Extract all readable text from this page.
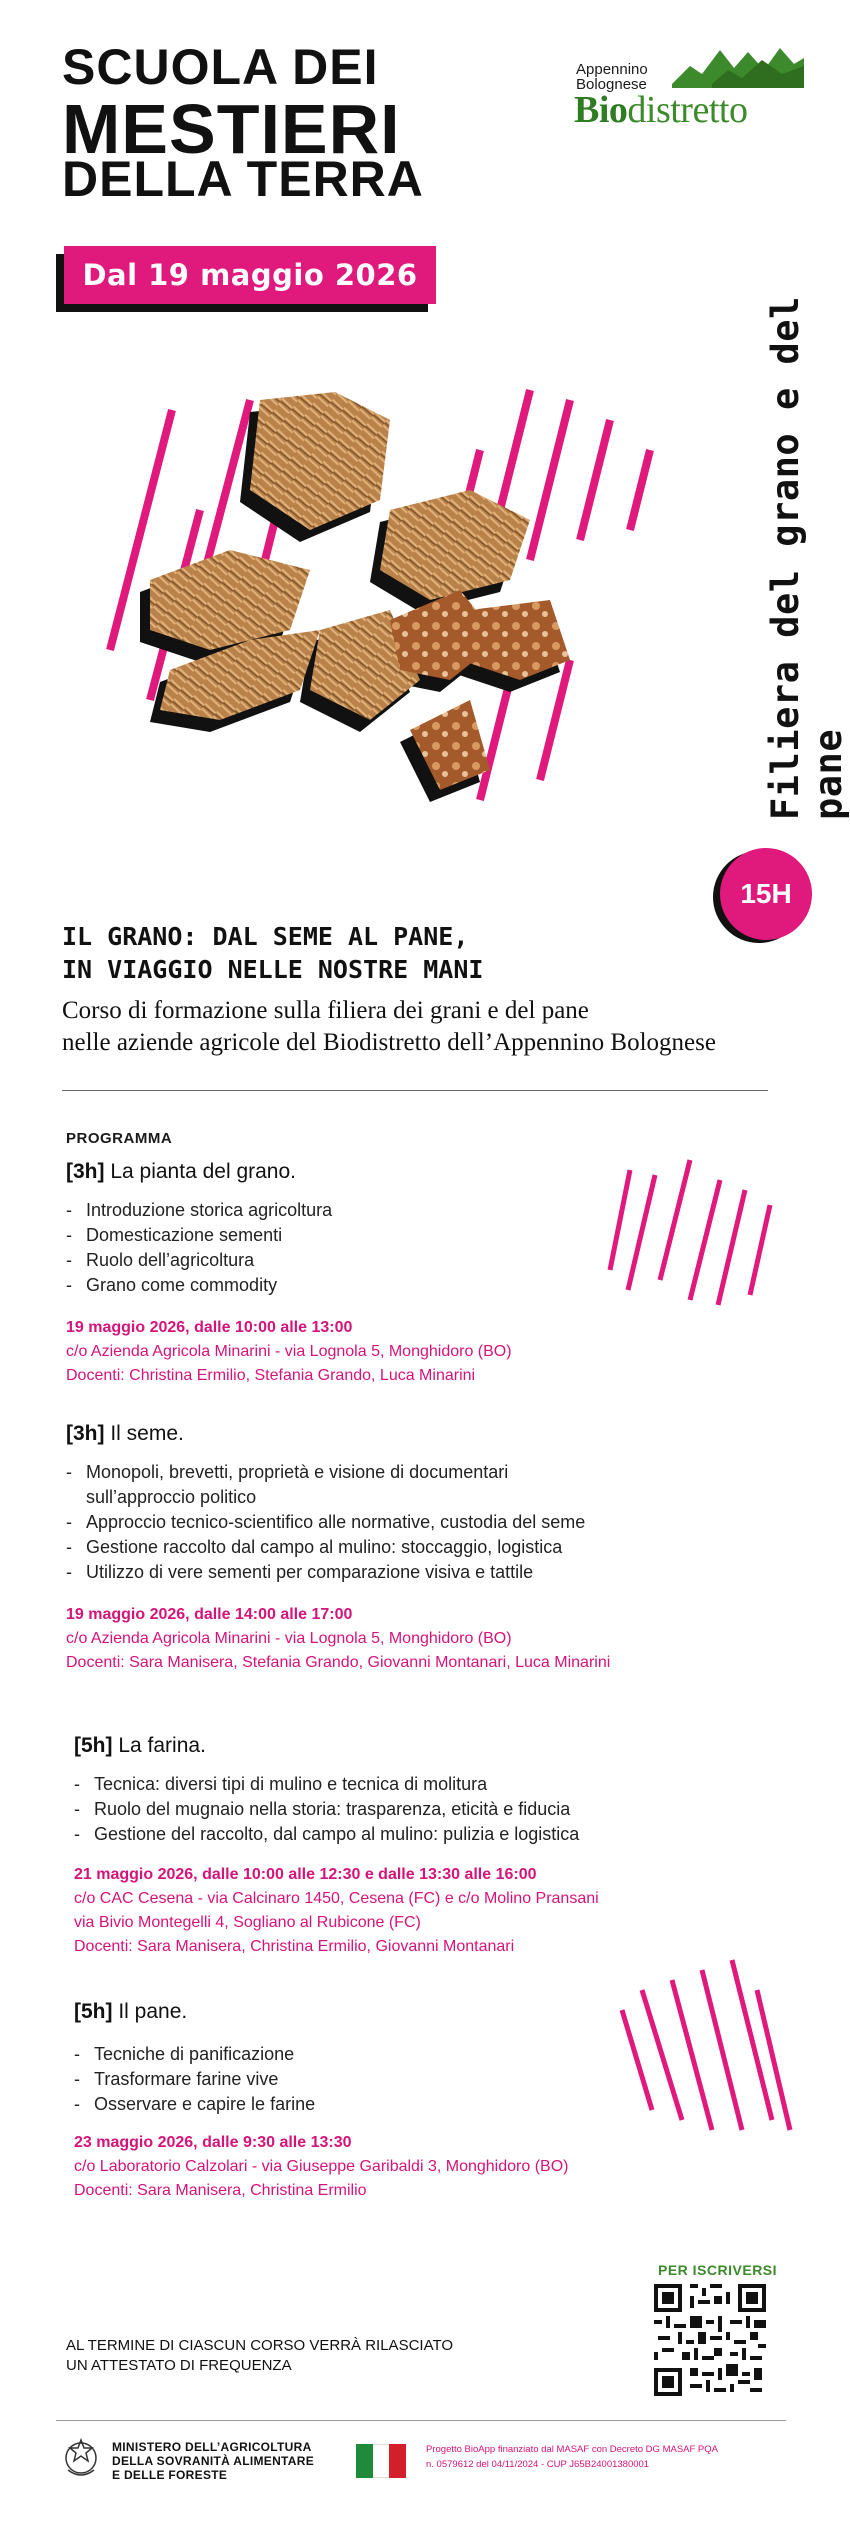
SCUOLA DEI
MESTIERI
DELLA TERRA
Appennino
Bolognese
Biodistretto
Dal 19 maggio 2026
Filiera del grano e del pane
15H
IL GRANO: DAL SEME AL PANE,
IN VIAGGIO NELLE NOSTRE MANI
Corso di formazione sulla filiera dei grani e del pane
nelle aziende agricole del Biodistretto dell’Appennino Bolognese
PROGRAMMA
[3h] La pianta del grano.
- Introduzione storica agricoltura
- Domesticazione sementi
- Ruolo dell’agricoltura
- Grano come commodity
19 maggio 2026, dalle 10:00 alle 13:00
c/o Azienda Agricola Minarini - via Lognola 5, Monghidoro (BO)
Docenti: Christina Ermilio, Stefania Grando, Luca Minarini
[3h] Il seme.
- Monopoli, brevetti, proprietà e visione di documentari sull’approccio politico
- Approccio tecnico-scientifico alle normative, custodia del seme
- Gestione raccolto dal campo al mulino: stoccaggio, logistica
- Utilizzo di vere sementi per comparazione visiva e tattile
19 maggio 2026, dalle 14:00 alle 17:00
c/o Azienda Agricola Minarini - via Lognola 5, Monghidoro (BO)
Docenti: Sara Manisera, Stefania Grando, Giovanni Montanari, Luca Minarini
[5h] La farina.
- Tecnica: diversi tipi di mulino e tecnica di molitura
- Ruolo del mugnaio nella storia: trasparenza, eticità e fiducia
- Gestione del raccolto, dal campo al mulino: pulizia e logistica
21 maggio 2026, dalle 10:00 alle 12:30 e dalle 13:30 alle 16:00
c/o CAC Cesena - via Calcinaro 1450, Cesena (FC) e c/o Molino Pransani
via Bivio Montegelli 4, Sogliano al Rubicone (FC)
Docenti: Sara Manisera, Christina Ermilio, Giovanni Montanari
[5h] Il pane.
- Tecniche di panificazione
- Trasformare farine vive
- Osservare e capire le farine
23 maggio 2026, dalle 9:30 alle 13:30
c/o Laboratorio Calzolari - via Giuseppe Garibaldi 3, Monghidoro (BO)
Docenti: Sara Manisera, Christina Ermilio
PER ISCRIVERSI
AL TERMINE DI CIASCUN CORSO VERRÀ RILASCIATO
UN ATTESTATO DI FREQUENZA
MINISTERO DELL’AGRICOLTURA
DELLA SOVRANITÀ ALIMENTARE
E DELLE FORESTE
Progetto BioApp finanziato dal MASAF con Decreto DG MASAF PQA
n. 0579612 del 04/11/2024 - CUP J65B24001380001
